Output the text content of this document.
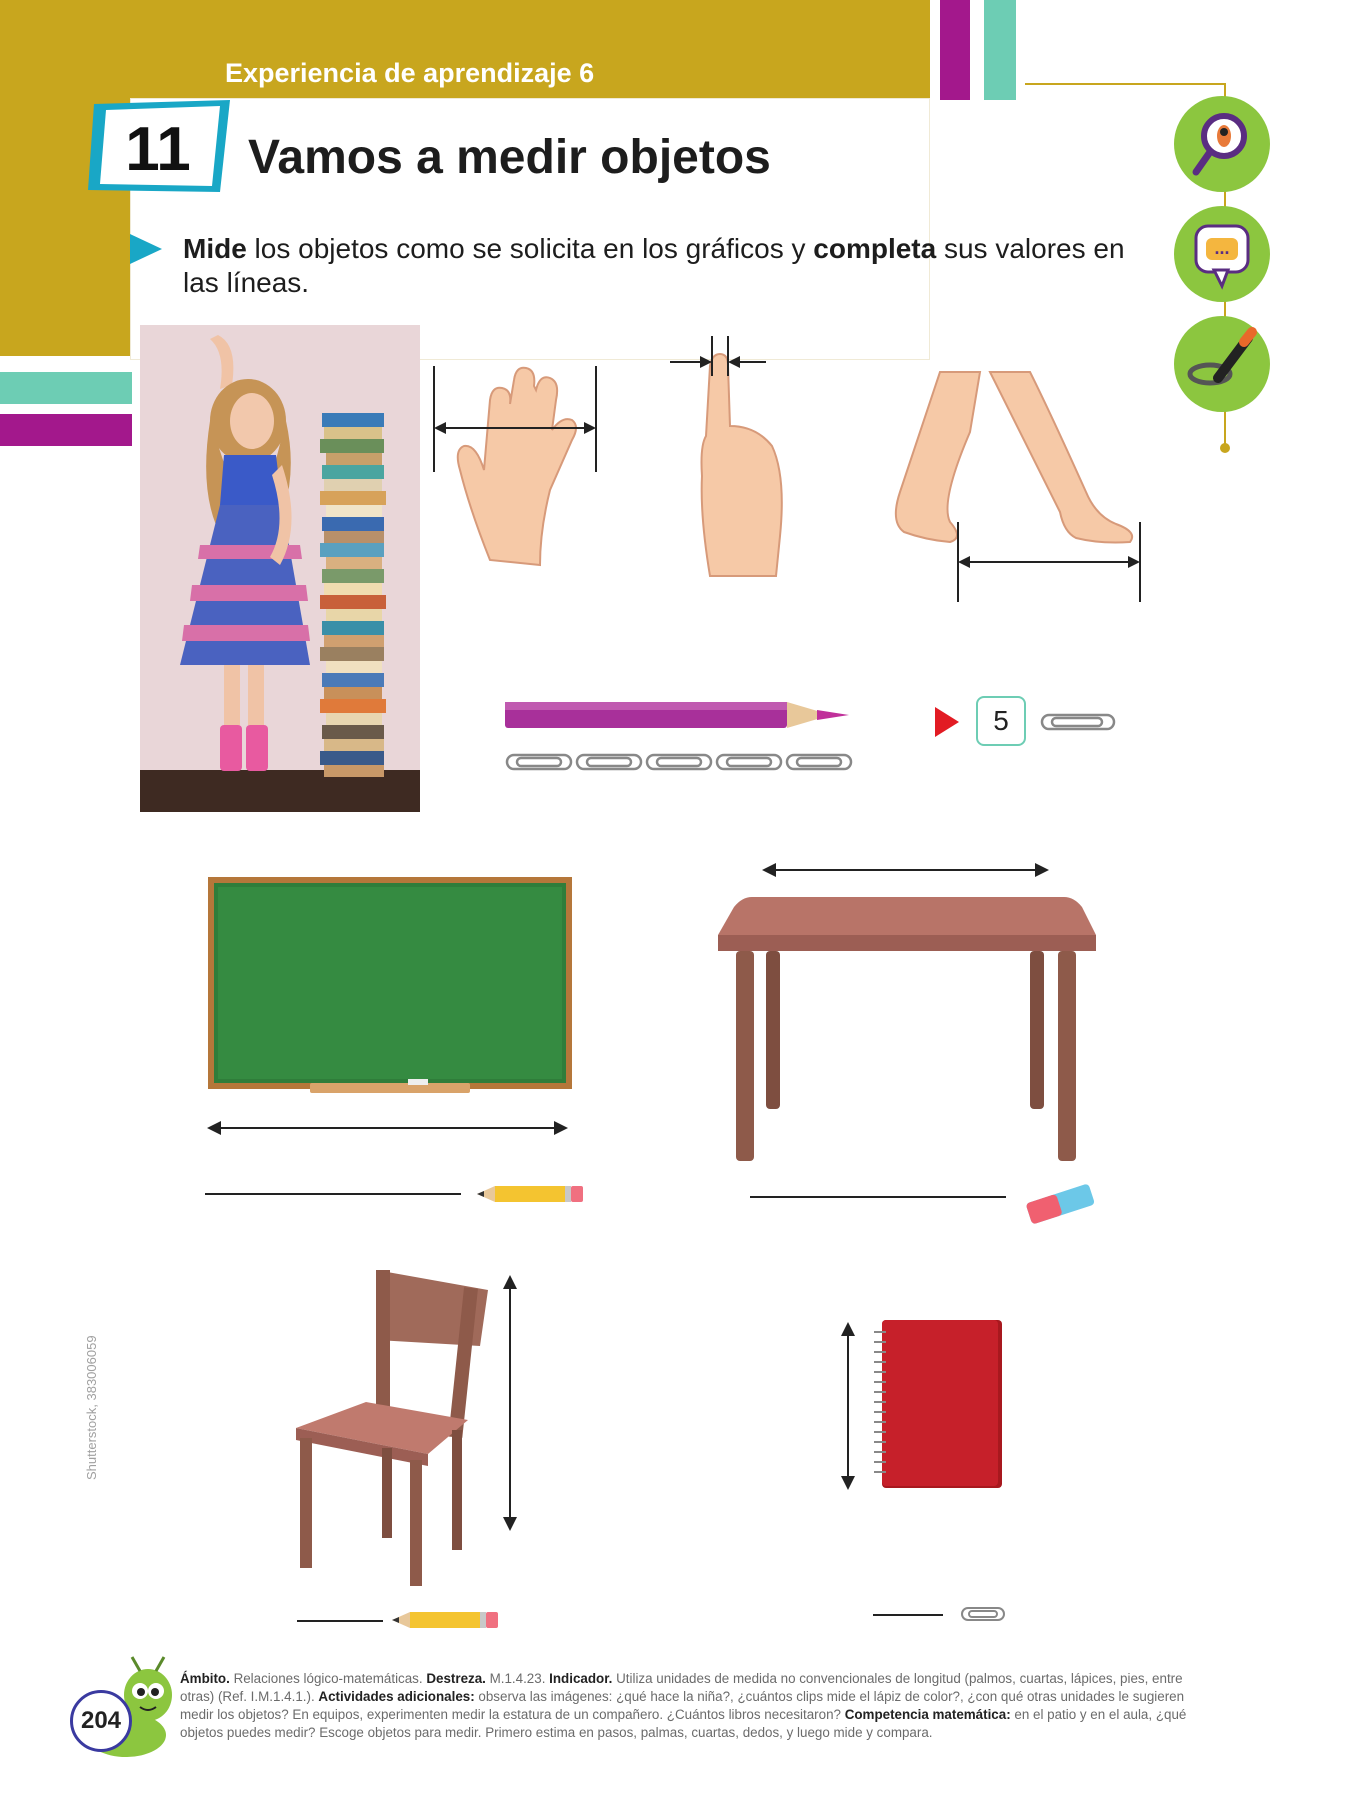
Experiencia de aprendizaje 6
11 Vamos a medir objetos
Mide los objetos como se solicita en los gráficos y completa sus valores en las líneas.
...
5
Shutterstock, 383006059
204
Ámbito. Relaciones lógico-matemáticas. Destreza. M.1.4.23. Indicador. Utiliza unidades de medida no convencionales de longitud (palmos, cuartas, lápices, pies, entre otras) (Ref. I.M.1.4.1.). Actividades adicionales: observa las imágenes: ¿qué hace la niña?, ¿cuántos clips mide el lápiz de color?, ¿con qué otras unidades le sugieren medir los objetos? En equipos, experimenten medir la estatura de un compañero. ¿Cuántos libros necesitaron? Competencia matemática: en el patio y en el aula, ¿qué objetos puedes medir? Escoge objetos para medir. Primero estima en pasos, palmas, cuartas, dedos, y luego mide y compara.
